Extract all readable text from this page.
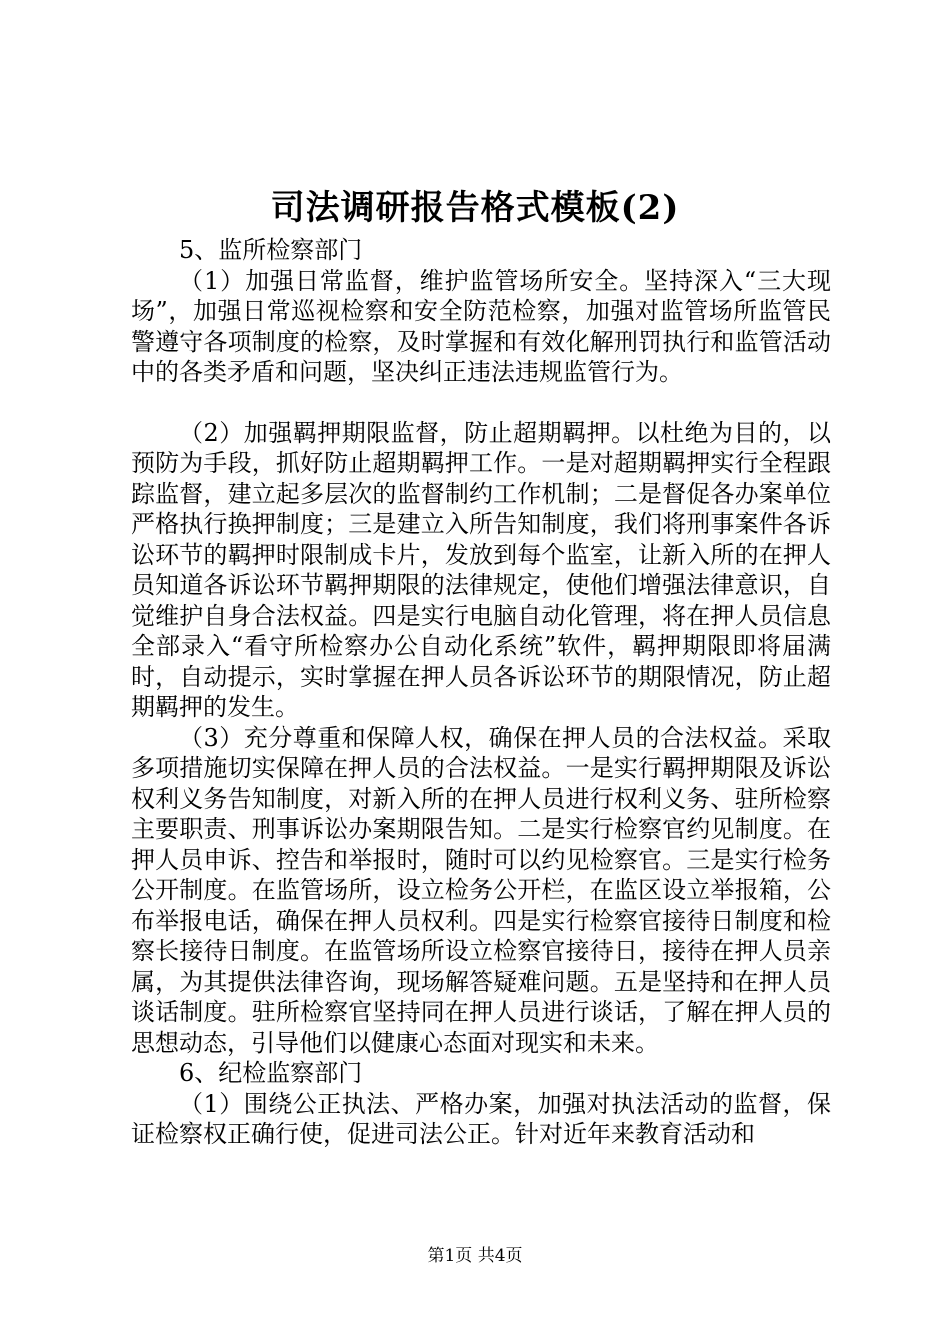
司法调研报告格式模板(2)

5、监所检察部门

（1）加强日常监督，维护监管场所安全。坚持深入“三大现场”，加强日常巡视检察和安全防范检察，加强对监管场所监管民警遵守各项制度的检察，及时掌握和有效化解刑罚执行和监管活动中的各类矛盾和问题，坚决纠正违法违规监管行为。

（2）加强羁押期限监督，防止超期羁押。以杜绝为目的，以预防为手段，抓好防止超期羁押工作。一是对超期羁押实行全程跟踪监督，建立起多层次的监督制约工作机制；二是督促各办案单位严格执行换押制度；三是建立入所告知制度，我们将刑事案件各诉讼环节的羁押时限制成卡片，发放到每个监室，让新入所的在押人员知道各诉讼环节羁押期限的法律规定，使他们增强法律意识，自觉维护自身合法权益。四是实行电脑自动化管理，将在押人员信息全部录入“看守所检察办公自动化系统”软件，羁押期限即将届满时，自动提示，实时掌握在押人员各诉讼环节的期限情况，防止超期羁押的发生。

（3）充分尊重和保障人权，确保在押人员的合法权益。采取多项措施切实保障在押人员的合法权益。一是实行羁押期限及诉讼权利义务告知制度，对新入所的在押人员进行权利义务、驻所检察主要职责、刑事诉讼办案期限告知。二是实行检察官约见制度。在押人员申诉、控告和举报时，随时可以约见检察官。三是实行检务公开制度。在监管场所，设立检务公开栏，在监区设立举报箱，公布举报电话，确保在押人员权利。四是实行检察官接待日制度和检察长接待日制度。在监管场所设立检察官接待日，接待在押人员亲属，为其提供法律咨询，现场解答疑难问题。五是坚持和在押人员谈话制度。驻所检察官坚持同在押人员进行谈话，了解在押人员的思想动态，引导他们以健康心态面对现实和未来。

6、纪检监察部门

（1）围绕公正执法、严格办案，加强对执法活动的监督，保证检察权正确行使，促进司法公正。针对近年来教育活动和

第1页 共4页
